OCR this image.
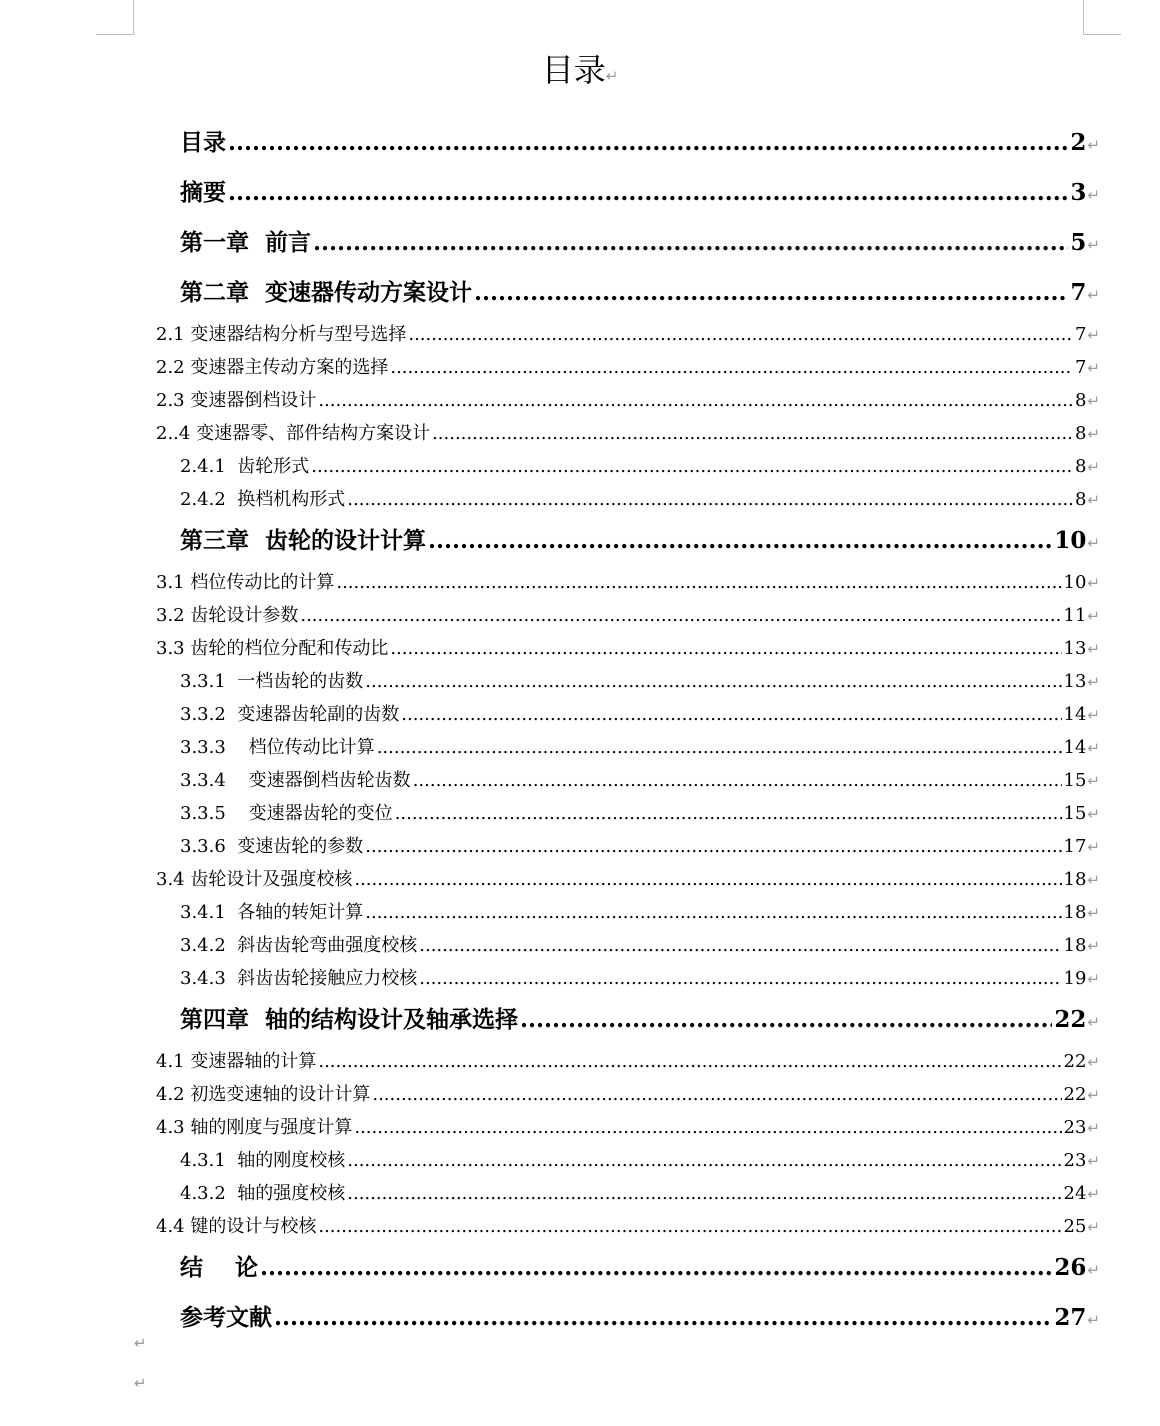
目录↵
目录 .....	2 ↵
摘要 .....	3 ↵
第一章  前言 .....	5 ↵
第二章  变速器传动方案设计 .....	7 ↵
2.1 变速器结构分析与型号选择 .....	7 ↵
2.2 变速器主传动方案的选择 .....	7 ↵
2.3 变速器倒档设计 .....	8 ↵
2..4 变速器零、部件结构方案设计 .....	8 ↵
2.4.1  齿轮形式 .....	8 ↵
2.4.2  换档机构形式 .....	8 ↵
第三章  齿轮的设计计算 .....	10 ↵
3.1 档位传动比的计算 .....	10 ↵
3.2 齿轮设计参数 .....	11 ↵
3.3 齿轮的档位分配和传动比 .....	13 ↵
3.3.1  一档齿轮的齿数 .....	13 ↵
3.3.2  变速器齿轮副的齿数 .....	14 ↵
3.3.3    档位传动比计算 .....	14 ↵
3.3.4    变速器倒档齿轮齿数 .....	15 ↵
3.3.5    变速器齿轮的变位 .....	15 ↵
3.3.6  变速齿轮的参数 .....	17 ↵
3.4 齿轮设计及强度校核 .....	18 ↵
3.4.1  各轴的转矩计算 .....	18 ↵
3.4.2  斜齿齿轮弯曲强度校核 .....	18 ↵
3.4.3  斜齿齿轮接触应力校核 .....	19 ↵
第四章  轴的结构设计及轴承选择 .....	22 ↵
4.1 变速器轴的计算 .....	22 ↵
4.2 初选变速轴的设计计算 .....	22 ↵
4.3 轴的刚度与强度计算 .....	23 ↵
4.3.1  轴的刚度校核 .....	23 ↵
4.3.2  轴的强度校核 .....	24 ↵
4.4 键的设计与校核 .....	25 ↵
结    论 .....	26 ↵
参考文献 .....	27 ↵
↵
↵
